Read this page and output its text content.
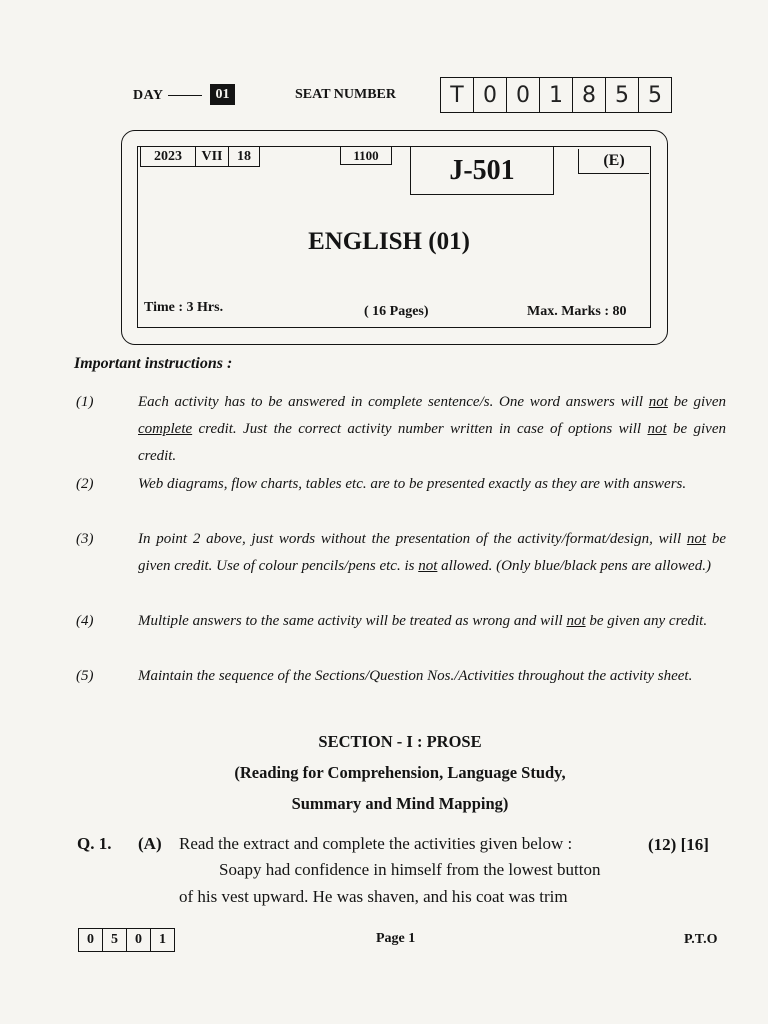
DAY	01	SEAT NUMBER	T 0 0 1 8 5 5
2023	VII	18	1100	J-501	(E)
ENGLISH (01)
Time : 3 Hrs.	( 16 Pages)	Max. Marks : 80
Important instructions :
(1)	Each activity has to be answered in complete sentence/s. One word answers will not be given complete credit. Just the correct activity number written in case of options will not be given credit.
(2)	Web diagrams, flow charts, tables etc. are to be presented exactly as they are with answers.
(3)	In point 2 above, just words without the presentation of the activity/format/design, will not be given credit. Use of colour pencils/pens etc. is not allowed. (Only blue/black pens are allowed.)
(4)	Multiple answers to the same activity will be treated as wrong and will not be given any credit.
(5)	Maintain the sequence of the Sections/Question Nos./Activities throughout the activity sheet.
SECTION - I : PROSE
(Reading for Comprehension, Language Study,
Summary and Mind Mapping)
Q. 1. (A) Read the extract and complete the activities given below :	(12) [16]
Soapy had confidence in himself from the lowest button
of his vest upward. He was shaven, and his coat was trim
0	5	0	1	Page 1	P.T.O
